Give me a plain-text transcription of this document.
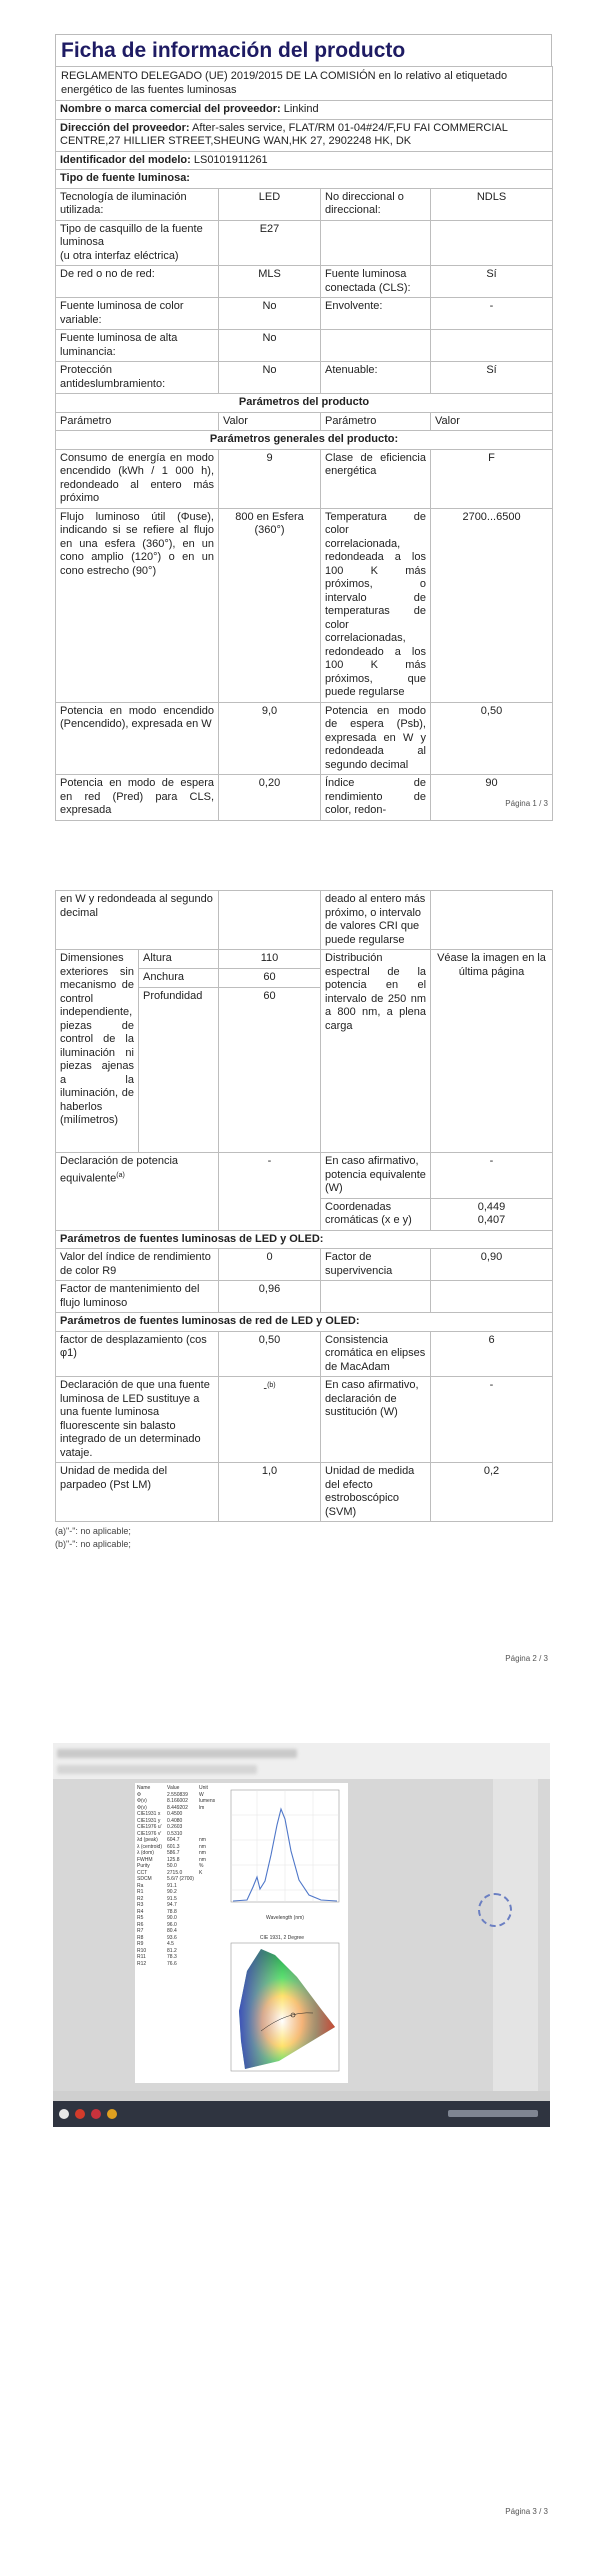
Ficha de información del producto
REGLAMENTO DELEGADO (UE) 2019/2015 DE LA COMISIÓN en lo relativo al etiquetado energético de las fuentes luminosas			
Nombre o marca comercial del proveedor: Linkind			
Dirección del proveedor: After-sales service, FLAT/RM 01-04#24/F,FU FAI COMMERCIAL CENTRE,27 HILLIER STREET,SHEUNG WAN,HK 27, 2902248 HK, DK			
Identificador del modelo: LS0101911261			
Tipo de fuente luminosa:			
Tecnología de iluminación utilizada:	LED	No direccional o direccional:	NDLS
Tipo de casquillo de la fuente luminosa
(u otra interfaz eléctrica)	E27		
De red o no de red:	MLS	Fuente luminosa conectada (CLS):	Sí
Fuente luminosa de color variable:	No	Envolvente:	-
Fuente luminosa de alta luminancia:	No		
Protección antideslumbramiento:	No	Atenuable:	Sí
Parámetros del producto			
Parámetro	Valor	Parámetro	Valor
Parámetros generales del producto:			
Consumo de energía en modo encendido (kWh / 1 000 h), redondeado al entero más próximo	9	Clase de eficiencia energética	F
Flujo luminoso útil (Φuse), indicando si se refiere al flujo en una esfera (360°), en un cono amplio (120°) o en un cono estrecho (90°)	800 en Esfera (360°)	Temperatura de color correlacionada, redondeada a los 100 K más próximos, o intervalo de temperaturas de color correlacionadas, redondeado a los 100 K más próximos, que puede regularse	2700...6500
Potencia en modo encendido (Pencendido), expresada en W	9,0	Potencia en modo de espera (Psb), expresada en W y redondeada al segundo decimal	0,50
Potencia en modo de espera en red (Pred) para CLS, expresada	0,20	Índice de rendimiento de color, redon-	90
Página 1 / 3
en W y redondeada al segundo decimal			deado al entero más próximo, o intervalo de valores CRI que puede regularse	
Dimensiones exteriores sin mecanismo de control independiente, piezas de control de la iluminación ni piezas ajenas a la iluminación, de haberlos (milímetros)	Altura	110	Distribución espectral de la potencia en el intervalo de 250 nm a 800 nm, a plena carga	Véase la imagen en la última página
	Anchura	60		
	Profundidad	60		
Declaración de potencia equivalente$^{(a)}$		-	En caso afirmativo, potencia equivalente (W)	-
			Coordenadas cromáticas (x e y)	0,449
0,407

Parámetros de fuentes luminosas de LED y OLED:				
Valor del índice de rendimiento de color R9		0	Factor de supervivencia	0,90
Factor de mantenimiento del flujo luminoso		0,96		
Parámetros de fuentes luminosas de red de LED y OLED:				
factor de desplazamiento (cos φ1)		0,50	Consistencia cromática en elipses de MacAdam	6
Declaración de que una fuente luminosa de LED sustituye a una fuente luminosa fluorescente sin balasto integrado de un determinado vataje.		-$^{(b)}$	En caso afirmativo, declaración de sustitución (W)	-
Unidad de medida del parpadeo (Pst LM)		1,0	Unidad de medida del efecto estroboscópico (SVM)	0,2
(a)"-": no aplicable;
(b)"-": no aplicable;
Página 2 / 3
Name	Value	Unit
Φ	2.550839	W
Φ(v)	8.166002	lumens
Φ(v)	8.449202	lm
CIE1931 x	0.4500
CIE1931 y	0.4080
CIE1976 u'	0.2603
CIE1976 v'	0.5310
λd (peak)	604.7	nm
λ (centroid) 601.3	nm
λ (dom)	586.7	nm
FWHM	125.8	nm
Purity	50.0	%
CCT	2715.0	K
SDCM	5.6/7 (2700)
Ra	91.1
R1	90.2
R2	91.5
R3	94.7
R4	78.8
R5	90.0
R6	96.0
R7	80.4
R8	93.6
R9	4.5
R10	81.2
R11	78.3
R12	76.6
Wavelength (nm)
CIE 1931, 2 Degree
Página 3 / 3
